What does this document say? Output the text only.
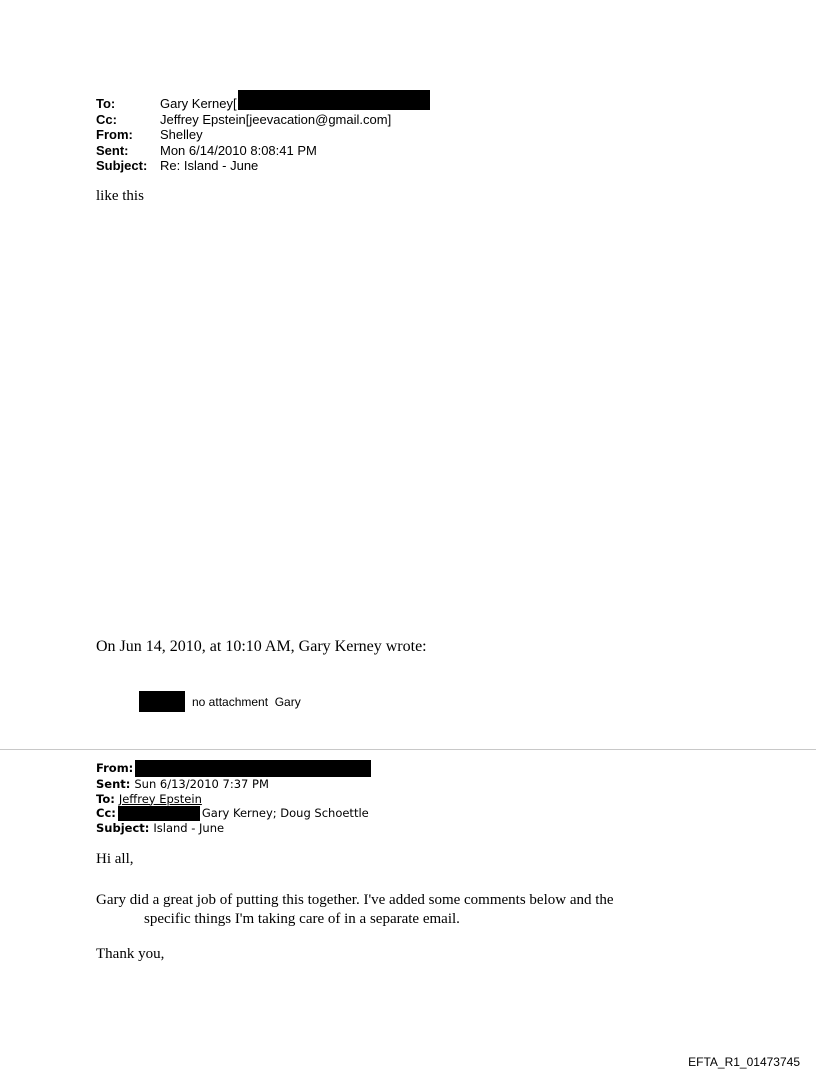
To:	Gary Kerney[
Cc:	Jeffrey Epstein[jeevacation@gmail.com]
From:	Shelley
Sent:	Mon 6/14/2010 8:08:41 PM
Subject: Re: Island - June
like this
On Jun 14, 2010, at 10:10 AM, Gary Kerney wrote:
no attachment  Gary
From:
Sent: Sun 6/13/2010 7:37 PM
To: Jeffrey Epstein
Cc:	Gary Kerney; Doug Schoettle
Subject: Island - June
Hi all,
Gary did a great job of putting this together. I've added some comments below and the
specific things I'm taking care of in a separate email.
Thank you,
EFTA_R1_01473745
